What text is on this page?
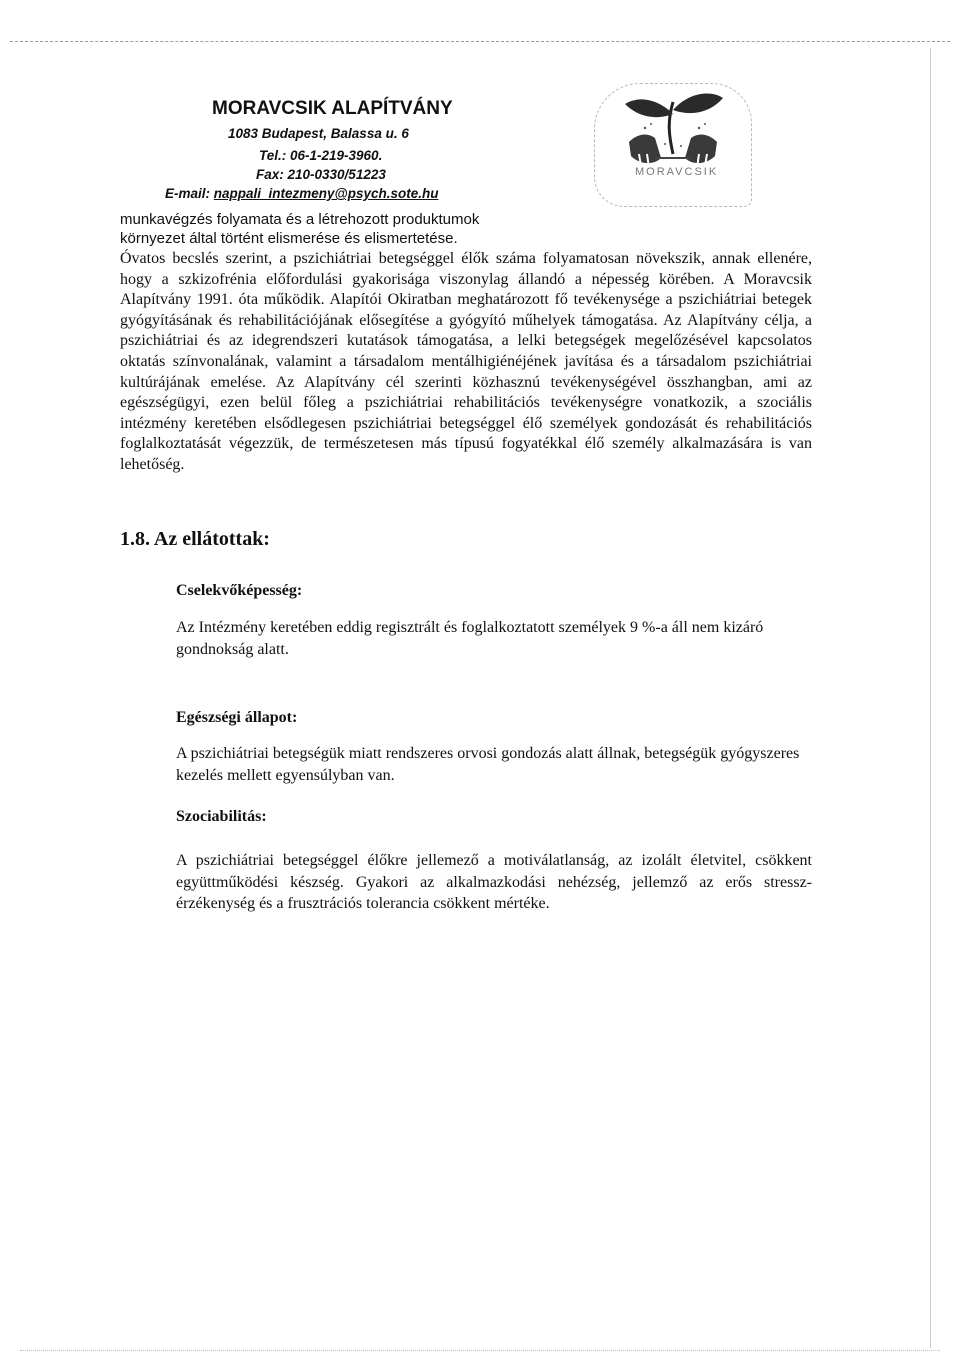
MORAVCSIK ALAPÍTVÁNY
1083 Budapest, Balassa u. 6
Tel.: 06-1-219-3960.
Fax: 210-0330/51223
E-mail: nappali_intezmeny@psych.sote.hu
MORAVCSIK
munkavégzés folyamata és a létrehozott produktumok
környezet által történt elismerése és elismertetése.

Óvatos becslés szerint, a pszichiátriai betegséggel élők száma folyamatosan növekszik, annak ellenére, hogy a szkizofrénia előfordulási gyakorisága viszonylag állandó a népesség körében. A Moravcsik Alapítvány 1991. óta működik. Alapítói Okiratban meghatározott fő tevékenysége a pszichiátriai betegek gyógyításának és rehabilitációjának elősegítése a gyógyító műhelyek támogatása. Az Alapítvány célja, a pszichiátriai és az idegrendszeri kutatások támogatása, a lelki betegségek megelőzésével kapcsolatos oktatás színvonalának, valamint a társadalom mentálhigiénéjének javítása és a társadalom pszichiátriai kultúrájának emelése. Az Alapítvány cél szerinti közhasznú tevékenységével összhangban, ami az egészségügyi, ezen belül főleg a pszichiátriai rehabilitációs tevékenységre vonatkozik, a szociális intézmény keretében elsődlegesen pszichiátriai betegséggel élő személyek gondozását és rehabilitációs foglalkoztatását végezzük, de természetesen más típusú fogyatékkal élő személy alkalmazására is van lehetőség.

1.8. Az ellátottak:
Cselekvőképesség:
Az Intézmény keretében eddig regisztrált és foglalkoztatott személyek 9 %-a áll nem kizáró gondnokság alatt.
Egészségi állapot:
A pszichiátriai betegségük miatt rendszeres orvosi gondozás alatt állnak, betegségük gyógyszeres kezelés mellett egyensúlyban van.
Szociabilitás:
A pszichiátriai betegséggel élőkre jellemező a motiválatlanság, az izolált életvitel, csökkent együttműködési készség. Gyakori az alkalmazkodási nehézség, jellemző az erős stressz-érzékenység és a frusztrációs tolerancia csökkent mértéke.
